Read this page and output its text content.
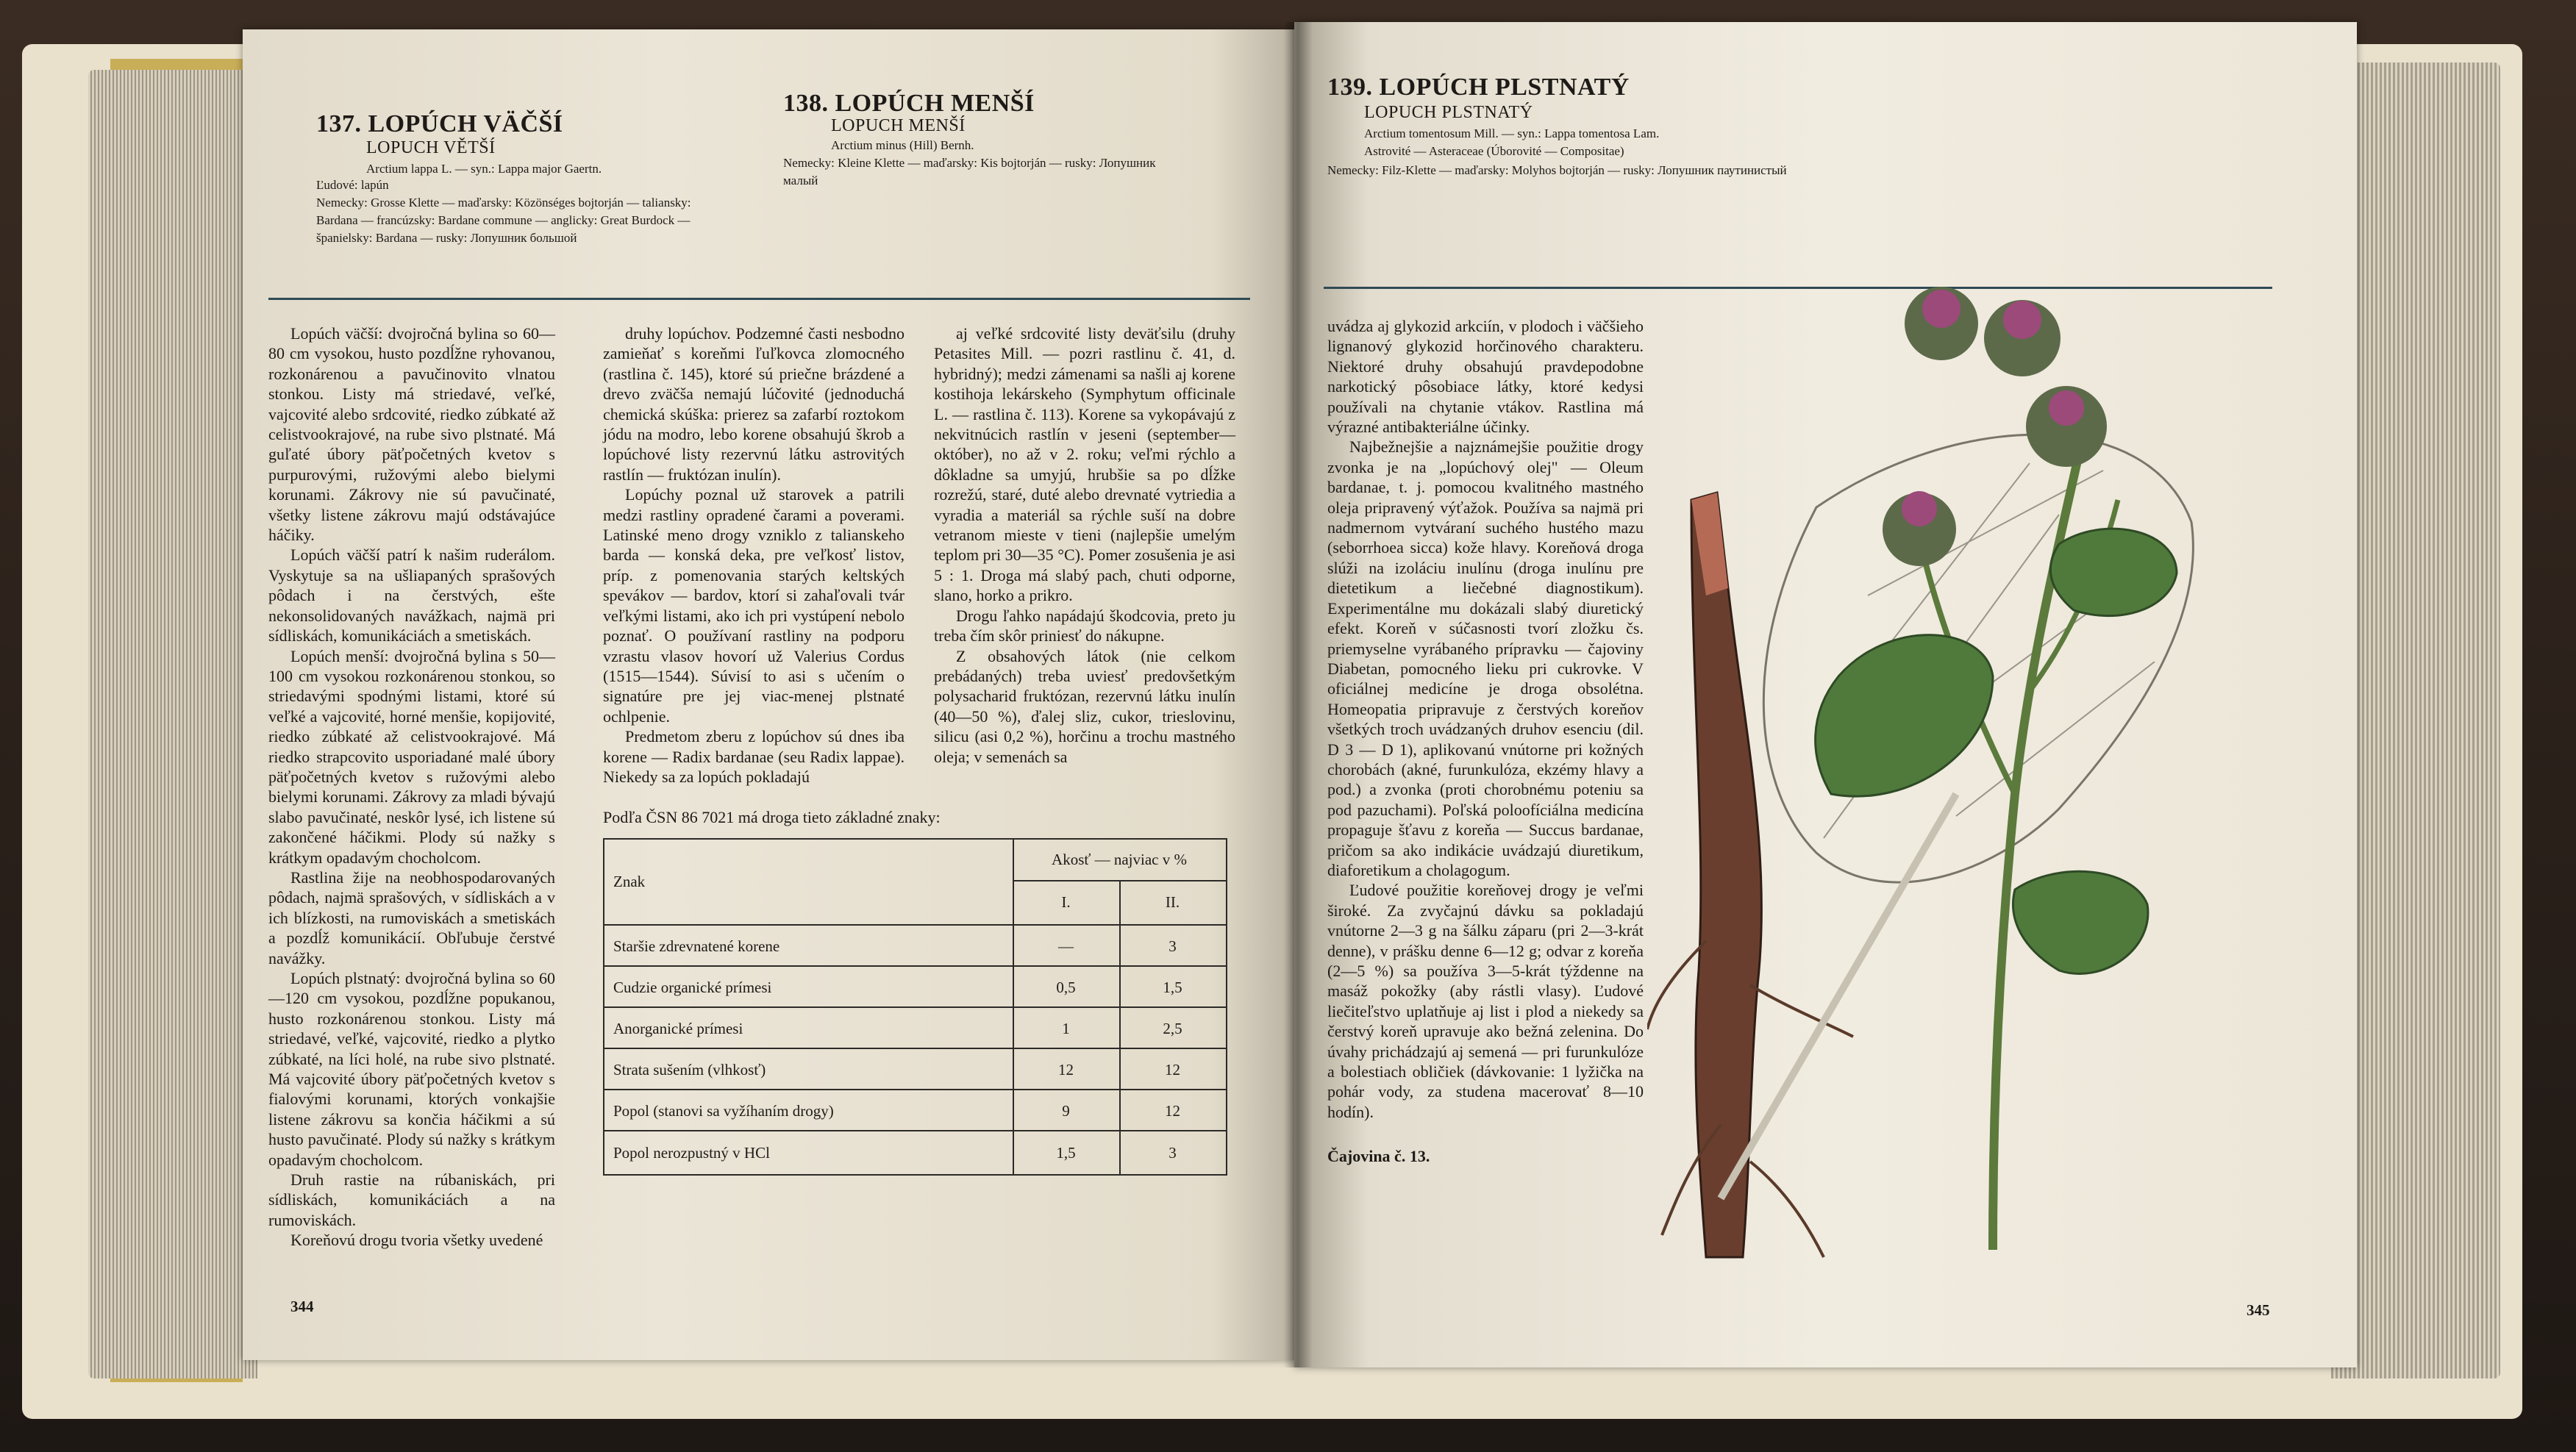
137. LOPÚCH VÄČŠÍ
LOPUCH VĚTŠÍ
Arctium lappa L. — syn.: Lappa major Gaertn.
Ľudové: lapún
Nemecky: Grosse Klette — maďarsky: Közönséges bojtorján — taliansky:
Bardana — francúzsky: Bardane commune — anglicky: Great Burdock —
španielsky: Bardana — rusky: Лопушник большой
138. LOPÚCH MENŠÍ
LOPUCH MENŠÍ
Arctium minus (Hill) Bernh.
Nemecky: Kleine Klette — maďarsky: Kis bojtorján — rusky: Лопушник
малый

Lopúch väčší: dvojročná bylina so 60—80 cm vysokou, husto pozdĺžne ryhovanou, rozkonárenou a pavučinovito vlnatou stonkou. Listy má striedavé, veľké, vajcovité alebo srdcovité, riedko zúbkaté až celistvookrajové, na rube sivo plstnaté. Má guľaté úbory päťpočetných kvetov s purpurovými, ružovými alebo bielymi korunami. Zákrovy nie sú pavučinaté, všetky listene zákrovu majú odstávajúce háčiky.

Lopúch väčší patrí k našim ruderálom. Vyskytuje sa na ušliapaných sprašových pôdach i na čerstvých, ešte nekonsolidovaných navážkach, najmä pri sídliskách, komunikáciách a smetiskách.

Lopúch menší: dvojročná bylina s 50—100 cm vysokou rozkonárenou stonkou, so striedavými spodnými listami, ktoré sú veľké a vajcovité, horné menšie, kopijovité, riedko zúbkaté až celistvookrajové. Má riedko strapcovito usporiadané malé úbory päťpočetných kvetov s ružovými alebo bielymi korunami. Zákrovy za mladi bývajú slabo pavučinaté, neskôr lysé, ich listene sú zakončené háčikmi. Plody sú nažky s krátkym opadavým chocholcom.

Rastlina žije na neobhospodarovaných pôdach, najmä sprašových, v sídliskách a v ich blízkosti, na rumoviskách a smetiskách a pozdĺž komunikácií. Obľubuje čerstvé navážky.

Lopúch plstnatý: dvojročná bylina so 60—120 cm vysokou, pozdĺžne popukanou, husto rozkonárenou stonkou. Listy má striedavé, veľké, vajcovité, riedko a plytko zúbkaté, na líci holé, na rube sivo plstnaté. Má vajcovité úbory päťpočetných kvetov s fialovými korunami, ktorých vonkajšie listene zákrovu sa končia háčikmi a sú husto pavučinaté. Plody sú nažky s krátkym opadavým chocholcom.

Druh rastie na rúbaniskách, pri sídliskách, komunikáciách a na rumoviskách.

Koreňovú drogu tvoria všetky uvedené

druhy lopúchov. Podzemné časti nesbodno zamieňať s koreňmi ľuľkovca zlomocného (rastlina č. 145), ktoré sú priečne brázdené a drevo zväčša nemajú lúčovité (jednoduchá chemická skúška: prierez sa zafarbí roztokom jódu na modro, lebo korene obsahujú škrob a lopúchové listy rezervnú látku astrovitých rastlín — fruktózan inulín).

Lopúchy poznal už starovek a patrili medzi rastliny opradené čarami a poverami. Latinské meno drogy vzniklo z talianskeho barda — konská deka, pre veľkosť listov, príp. z pomenovania starých keltských spevákov — bardov, ktorí si zahaľovali tvár veľkými listami, ako ich pri vystúpení nebolo poznať. O používaní rastliny na podporu vzrastu vlasov hovorí už Valerius Cordus (1515—1544). Súvisí to asi s učením o signatúre pre jej viac-menej plstnaté ochlpenie.

Predmetom zberu z lopúchov sú dnes iba korene — Radix bardanae (seu Radix lappae). Niekedy sa za lopúch pokladajú

aj veľké srdcovité listy deväťsilu (druhy Petasites Mill. — pozri rastlinu č. 41, d. hybridný); medzi zámenami sa našli aj korene kostihoja lekárskeho (Symphytum officinale L. — rastlina č. 113). Korene sa vykopávajú z nekvitnúcich rastlín v jeseni (september—október), no až v 2. roku; veľmi rýchlo a dôkladne sa umyjú, hrubšie sa po dĺžke rozrežú, staré, duté alebo drevnaté vytriedia a vyradia a materiál sa rýchle suší na dobre vetranom mieste v tieni (najlepšie umelým teplom pri 30—35 °C). Pomer zosušenia je asi 5 : 1. Droga má slabý pach, chuti odporne, slano, horko a prikro.

Drogu ľahko napádajú škodcovia, preto ju treba čím skôr priniesť do nákupne.

Z obsahových látok (nie celkom prebádaných) treba uviesť predovšetkým polysacharid fruktózan, rezervnú látku inulín (40—50 %), ďalej sliz, cukor, trieslovinu, silicu (asi 0,2 %), horčinu a trochu mastného oleja; v semenách sa

Podľa ČSN 86 7021 má droga tieto základné znaky:
Znak
Akosť — najviac v %
I.	II.
Staršie zdrevnatené korene	—	3
Cudzie organické prímesi	0,5	1,5
Anorganické prímesi	1	2,5
Strata sušením (vlhkosť)	12	12
Popol (stanovi sa vyžíhaním drogy)	9	12
Popol nerozpustný v HCl	1,5	3
344
139. LOPÚCH PLSTNATÝ
LOPUCH PLSTNATÝ
Arctium tomentosum Mill. — syn.: Lappa tomentosa Lam.
Astrovité — Asteraceae (Úborovité — Compositae)
Nemecky: Filz-Klette — maďarsky: Molyhos bojtorján — rusky: Лопушник паутинистый

uvádza aj glykozid arkciín, v plodoch i väčšieho lignanový glykozid horčinového charakteru. Niektoré druhy obsahujú pravdepodobne narkotický pôsobiace látky, ktoré kedysi používali na chytanie vtákov. Rastlina má výrazné antibakteriálne účinky.

Najbežnejšie a najznámejšie použitie drogy zvonka je na „lopúchový olej" — Oleum bardanae, t. j. pomocou kvalitného mastného oleja pripravený výťažok. Používa sa najmä pri nadmernom vytváraní suchého hustého mazu (seborrhoea sicca) kože hlavy. Koreňová droga slúži na izoláciu inulínu (droga inulínu pre dietetikum a liečebné diagnostikum). Experimentálne mu dokázali slabý diuretický efekt. Koreň v súčasnosti tvorí zložku čs. priemyselne vyrábaného prípravku — čajoviny Diabetan, pomocného lieku pri cukrovke. V oficiálnej medicíne je droga obsolétna. Homeopatia pripravuje z čerstvých koreňov všetkých troch uvádzaných druhov esenciu (dil. D 3 — D 1), aplikovanú vnútorne pri kožných chorobách (akné, furunkulóza, ekzémy hlavy a pod.) a zvonka (proti chorobnému poteniu sa pod pazuchami). Poľská poloofíciálna medicína propaguje šťavu z koreňa — Succus bardanae, pričom sa ako indikácie uvádzajú diuretikum, diaforetikum a cholagogum.

Ľudové použitie koreňovej drogy je veľmi široké. Za zvyčajnú dávku sa pokladajú vnútorne 2—3 g na šálku záparu (pri 2—3-krát denne), v prášku denne 6—12 g; odvar z koreňa (2—5 %) sa používa 3—5-krát týždenne na masáž pokožky (aby rástli vlasy). Ľudové liečiteľstvo uplatňuje aj list i plod a niekedy sa čerstvý koreň upravuje ako bežná zelenina. Do úvahy prichádzajú aj semená — pri furunkulóze a bolestiach obličiek (dávkovanie: 1 lyžička na pohár vody, za studena macerovať 8—10 hodín).

Čajovina č. 13.
345
